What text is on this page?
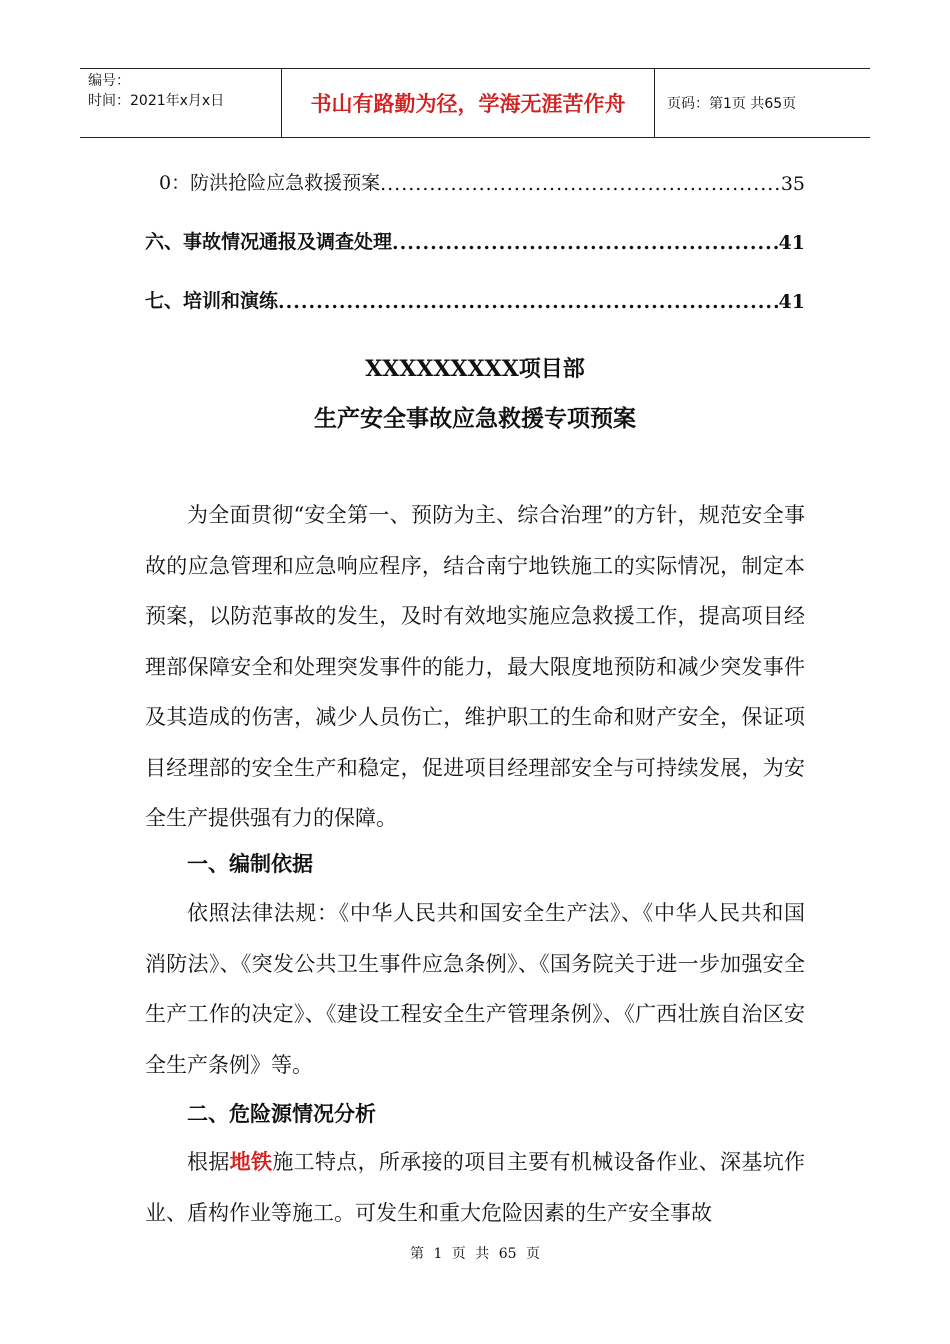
编号：
时间：2021年x月x日	书山有路勤为径，学海无涯苦作舟	页码：第1页 共65页
0：防洪抢险应急救援预案 .....	35
六、事故情况通报及调查处理 .....	41
七、培训和演练 .....	41
XXXXXXXXX项目部
生产安全事故应急救援专项预案
为全面贯彻“安全第一、预防为主、综合治理”的方针，规范安全事故的应急管理和应急响应程序，结合南宁地铁施工的实际情况，制定本预案，以防范事故的发生，及时有效地实施应急救援工作，提高项目经理部保障安全和处理突发事件的能力，最大限度地预防和减少突发事件及其造成的伤害，减少人员伤亡，维护职工的生命和财产安全，保证项目经理部的安全生产和稳定，促进项目经理部安全与可持续发展，为安全生产提供强有力的保障。
一、编制依据
依照法律法规：《中华人民共和国安全生产法》、《中华人民共和国消防法》、《突发公共卫生事件应急条例》、《国务院关于进一步加强安全生产工作的决定》、《建设工程安全生产管理条例》、《广西壮族自治区安全生产条例》等。
二、危险源情况分析
根据地铁施工特点，所承接的项目主要有机械设备作业、深基坑作业、盾构作业等施工。可发生和重大危险因素的生产安全事故
第 1 页 共 65 页
